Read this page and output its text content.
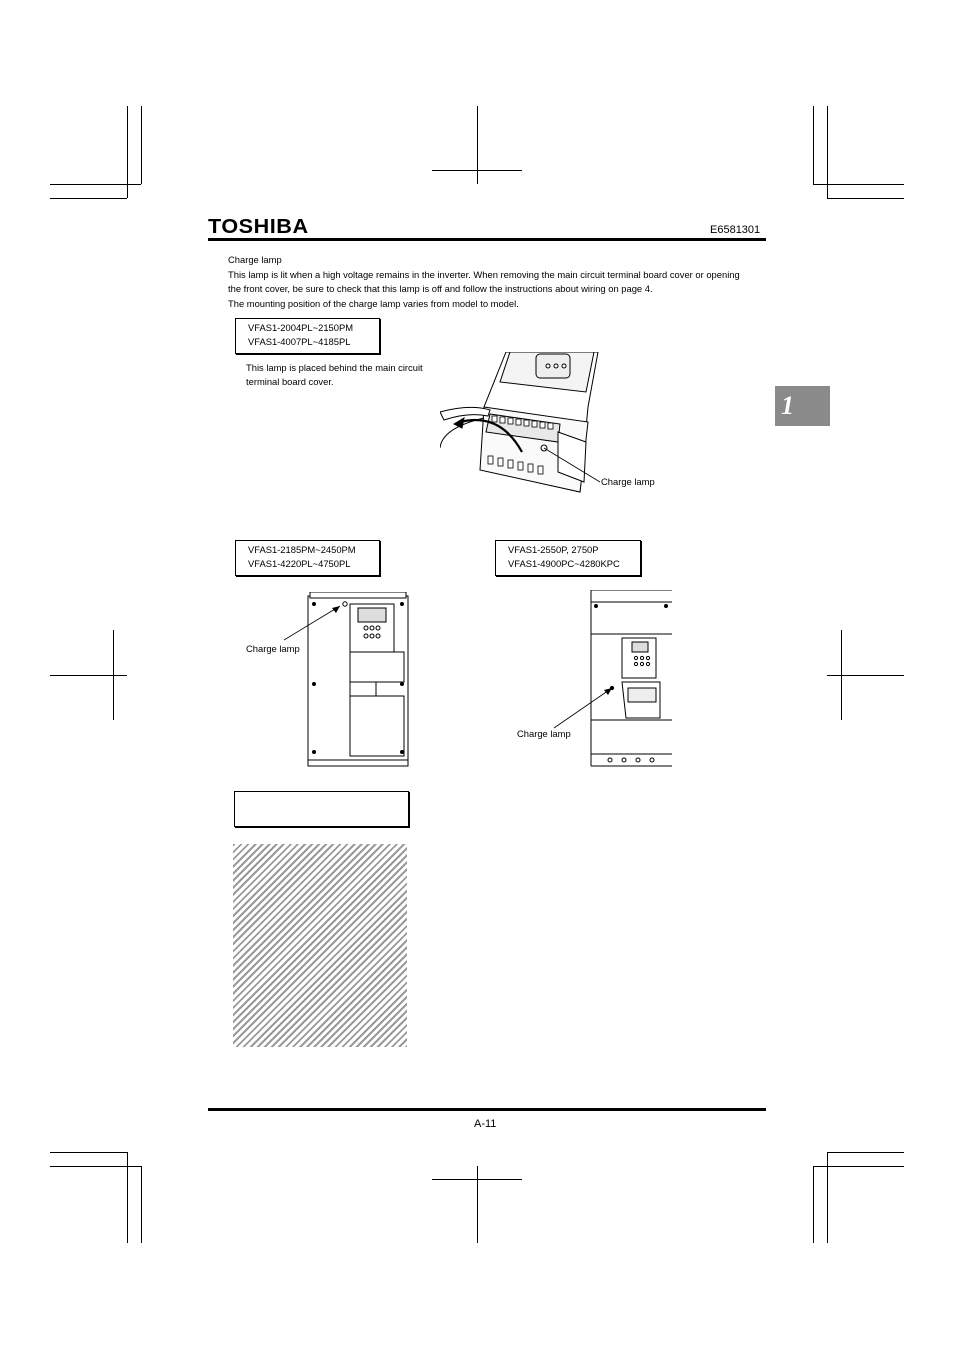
TOSHIBA	E6581301
1
Charge lamp
This lamp is lit when a high voltage remains in the inverter. When removing the main circuit terminal board cover or opening
the front cover, be sure to check that this lamp is off and follow the instructions about wiring on page 4.
The mounting position of the charge lamp varies from model to model.
VFAS1-2004PL~2150PM
VFAS1-4007PL~4185PL
This lamp is placed behind the main circuit
terminal board cover.
Charge lamp
VFAS1-2185PM~2450PM
VFAS1-4220PL~4750PL
Charge lamp
VFAS1-2550P, 2750P
VFAS1-4900PC~4280KPC
Charge lamp
A-11
